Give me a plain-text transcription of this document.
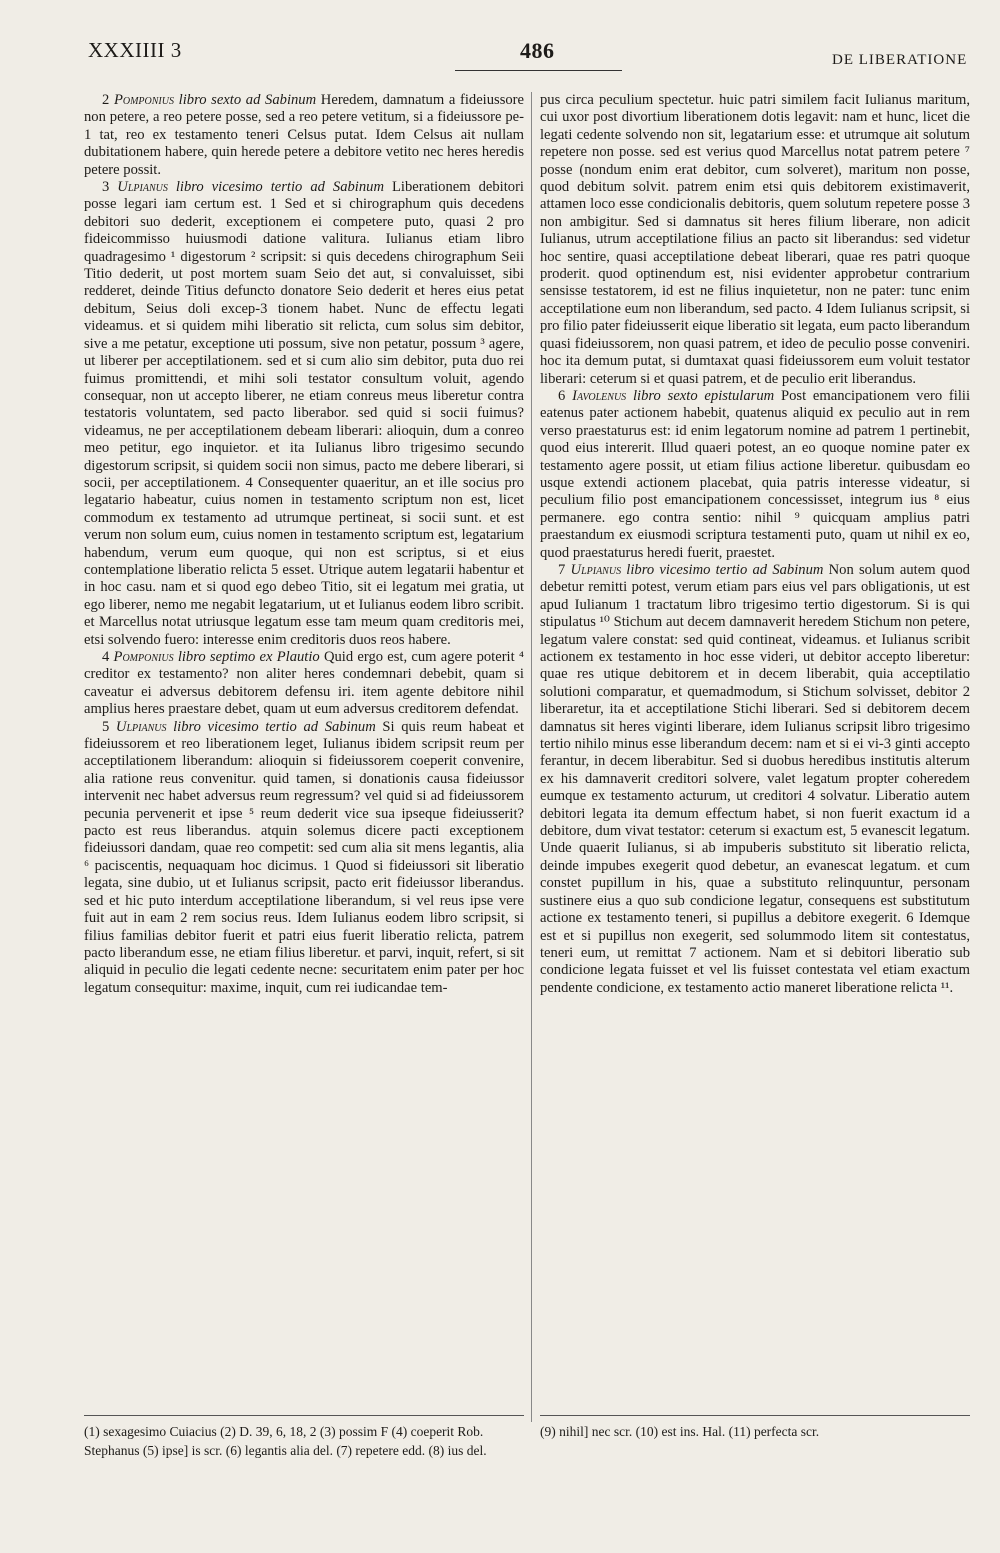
XXXIIII 3	486	DE LIBERATIONE

2 Pomponius libro sexto ad Sabinum Heredem, damnatum a fideiussore non petere, a reo petere posse, sed a reo petere vetitum, si a fideiussore pe-1 tat, reo ex testamento teneri Celsus putat. Idem Celsus ait nullam dubitationem habere, quin herede petere a debitore vetito nec heres heredis petere possit.

3 Ulpianus libro vicesimo tertio ad Sabinum Liberationem debitori posse legari iam certum est. 1 Sed et si chirographum quis decedens debitori suo dederit, exceptionem ei competere puto, quasi 2 pro fideicommisso huiusmodi datione valitura. Iulianus etiam libro quadragesimo ¹ digestorum ² scripsit: si quis decedens chirographum Seii Titio dederit, ut post mortem suam Seio det aut, si convaluisset, sibi redderet, deinde Titius defuncto donatore Seio dederit et heres eius petat debitum, Seius doli excep-3 tionem habet. Nunc de effectu legati videamus. et si quidem mihi liberatio sit relicta, cum solus sim debitor, sive a me petatur, exceptione uti possum, sive non petatur, possum ³ agere, ut liberer per acceptilationem. sed et si cum alio sim debitor, puta duo rei fuimus promittendi, et mihi soli testator consultum voluit, agendo consequar, non ut accepto liberer, ne etiam conreus meus liberetur contra testatoris voluntatem, sed pacto liberabor. sed quid si socii fuimus? videamus, ne per acceptilationem debeam liberari: alioquin, dum a conreo meo petitur, ego inquietor. et ita Iulianus libro trigesimo secundo digestorum scripsit, si quidem socii non simus, pacto me debere liberari, si socii, per acceptilationem. 4 Consequenter quaeritur, an et ille socius pro legatario habeatur, cuius nomen in testamento scriptum non est, licet commodum ex testamento ad utrumque pertineat, si socii sunt. et est verum non solum eum, cuius nomen in testamento scriptum est, legatarium habendum, verum eum quoque, qui non est scriptus, si et eius contemplatione liberatio relicta 5 esset. Utrique autem legatarii habentur et in hoc casu. nam et si quod ego debeo Titio, sit ei legatum mei gratia, ut ego liberer, nemo me negabit legatarium, ut et Iulianus eodem libro scribit. et Marcellus notat utriusque legatum esse tam meum quam creditoris mei, etsi solvendo fuero: interesse enim creditoris duos reos habere.

4 Pomponius libro septimo ex Plautio Quid ergo est, cum agere poterit ⁴ creditor ex testamento? non aliter heres condemnari debebit, quam si caveatur ei adversus debitorem defensu iri. item agente debitore nihil amplius heres praestare debet, quam ut eum adversus creditorem defendat.

5 Ulpianus libro vicesimo tertio ad Sabinum Si quis reum habeat et fideiussorem et reo liberationem leget, Iulianus ibidem scripsit reum per acceptilationem liberandum: alioquin si fideiussorem coeperit convenire, alia ratione reus convenitur. quid tamen, si donationis causa fideiussor intervenit nec habet adversus reum regressum? vel quid si ad fideiussorem pecunia pervenerit et ipse ⁵ reum dederit vice sua ipseque fideiusserit? pacto est reus liberandus. atquin solemus dicere pacti exceptionem fideiussori dandam, quae reo competit: sed cum alia sit mens legantis, alia ⁶ paciscentis, nequaquam hoc dicimus. 1 Quod si fideiussori sit liberatio legata, sine dubio, ut et Iulianus scripsit, pacto erit fideiussor liberandus. sed et hic puto interdum acceptilatione liberandum, si vel reus ipse vere fuit aut in eam 2 rem socius reus. Idem Iulianus eodem libro scripsit, si filius familias debitor fuerit et patri eius fuerit liberatio relicta, patrem pacto liberandum esse, ne etiam filius liberetur. et parvi, inquit, refert, si sit aliquid in peculio die legati cedente necne: securitatem enim pater per hoc legatum consequitur: maxime, inquit, cum rei iudicandae tem-

pus circa peculium spectetur. huic patri similem facit Iulianus maritum, cui uxor post divortium liberationem dotis legavit: nam et hunc, licet die legati cedente solvendo non sit, legatarium esse: et utrumque ait solutum repetere non posse. sed est verius quod Marcellus notat patrem petere ⁷ posse (nondum enim erat debitor, cum solveret), maritum non posse, quod debitum solvit. patrem enim etsi quis debitorem existimaverit, attamen loco esse condicionalis debitoris, quem solutum repetere posse 3 non ambigitur. Sed si damnatus sit heres filium liberare, non adicit Iulianus, utrum acceptilatione filius an pacto sit liberandus: sed videtur hoc sentire, quasi acceptilatione debeat liberari, quae res patri quoque proderit. quod optinendum est, nisi evidenter approbetur contrarium sensisse testatorem, id est ne filius inquietetur, non ne pater: tunc enim acceptilatione eum non liberandum, sed pacto. 4 Idem Iulianus scripsit, si pro filio pater fideiusserit eique liberatio sit legata, eum pacto liberandum quasi fideiussorem, non quasi patrem, et ideo de peculio posse conveniri. hoc ita demum putat, si dumtaxat quasi fideiussorem eum voluit testator liberari: ceterum si et quasi patrem, et de peculio erit liberandus.

6 Iavolenus libro sexto epistularum Post emancipationem vero filii eatenus pater actionem habebit, quatenus aliquid ex peculio aut in rem verso praestaturus est: id enim legatorum nomine ad patrem 1 pertinebit, quod eius intererit. Illud quaeri potest, an eo quoque nomine pater ex testamento agere possit, ut etiam filius actione liberetur. quibusdam eo usque extendi actionem placebat, quia patris interesse videatur, si peculium filio post emancipationem concessisset, integrum ius ⁸ eius permanere. ego contra sentio: nihil ⁹ quicquam amplius patri praestandum ex eiusmodi scriptura testamenti puto, quam ut nihil ex eo, quod praestaturus heredi fuerit, praestet.

7 Ulpianus libro vicesimo tertio ad Sabinum Non solum autem quod debetur remitti potest, verum etiam pars eius vel pars obligationis, ut est apud Iulianum 1 tractatum libro trigesimo tertio digestorum. Si is qui stipulatus ¹⁰ Stichum aut decem damnaverit heredem Stichum non petere, legatum valere constat: sed quid contineat, videamus. et Iulianus scribit actionem ex testamento in hoc esse videri, ut debitor accepto liberetur: quae res utique debitorem et in decem liberabit, quia acceptilatio solutioni comparatur, et quemadmodum, si Stichum solvisset, debitor 2 liberaretur, ita et acceptilatione Stichi liberari. Sed si debitorem decem damnatus sit heres viginti liberare, idem Iulianus scripsit libro trigesimo tertio nihilo minus esse liberandum decem: nam et si ei vi-3 ginti accepto ferantur, in decem liberabitur. Sed si duobus heredibus institutis alterum ex his damnaverit creditori solvere, valet legatum propter coheredem eumque ex testamento acturum, ut creditori 4 solvatur. Liberatio autem debitori legata ita demum effectum habet, si non fuerit exactum id a debitore, dum vivat testator: ceterum si exactum est, 5 evanescit legatum. Unde quaerit Iulianus, si ab impuberis substituto sit liberatio relicta, deinde impubes exegerit quod debetur, an evanescat legatum. et cum constet pupillum in his, quae a substituto relinquuntur, personam sustinere eius a quo sub condicione legatur, consequens est substitutum actione ex testamento teneri, si pupillus a debitore exegerit. 6 Idemque est et si pupillus non exegerit, sed solummodo litem sit contestatus, teneri eum, ut remittat 7 actionem. Nam et si debitori liberatio sub condicione legata fuisset et vel lis fuisset contestata vel etiam exactum pendente condicione, ex testamento actio maneret liberatione relicta ¹¹.

(1) sexagesimo Cuiacius (2) D. 39, 6, 18, 2 (3) possim F (4) coeperit Rob. Stephanus (5) ipse] is scr. (6) legantis alia del. (7) repetere edd. (8) ius del.
(9) nihil] nec scr. (10) est ins. Hal. (11) perfecta scr.
